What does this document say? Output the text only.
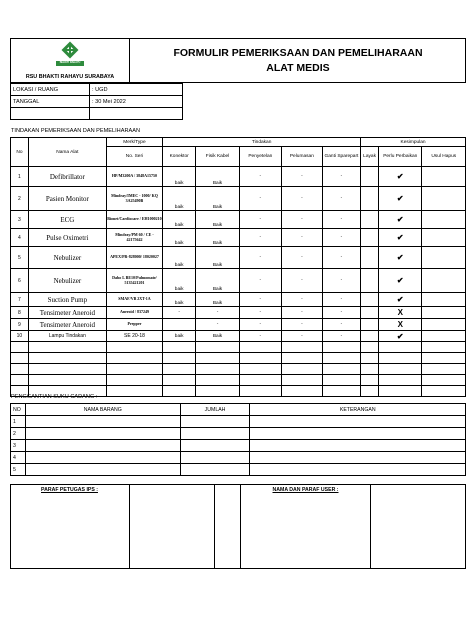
BHAKTI RAHAYU
FORMULIR PEMERIKSAAN DAN PEMELIHARAAN
ALAT MEDIS
RSU BHAKTI RAHAYU SURABAYA
LOKASI / RUANG	: UGD	
TANGGAL	: 30 Mei 2022	

TINDAKAN PEMERIKSAAN DAN PEMELIHARAAN
No	Nama Alat	Merk/Type	Tindakan					Kesimpulan		
		No. Seri	Konektor	Fisik Kabel	Penyetelan	Pelumasan	Ganti Sparepart	Layak	Perlu Perbaikan	Usul Hapus

1	Defibrillator	HP/M3200A / 3848A15750	baik	Baik	-	-	-		✔	
2	Pasien Monitor	Mindray/IMEC - 1000/ KQ 3A25490B	baik	Baik	-	-	-		✔	
3	ECG	Bionet/Cardiocare / EH1000210	baik	Baik	-	-	-		✔	
4	Pulse Oximetri	Mindray/PM 60 / CE - 42175642	baik	Baik	-	-	-		✔	
5	Nebulizer	APEX/PR-828000/ 18020027	baik	Baik	-	-	-		✔	
6	Nebulizer	Dabo L BE10/Pulmomate/ 5135421201	baik	Baik	-	-	-		✔	
7	Suction Pump	SMAF/VB 2XT-1A	baik	Baik	-	-	-		✔	
8	Tensimeter Aneroid	Aneroid / 837249	-	-	-	-	-		X	
9	Tensimeter Aneroid	Prepper		-	-	-	-		X	
10	Lampu Tindakan	SE 20-18	baik	Baik	-	-	-		✔	

PENGGANTIAN SUKU CADANG :
NO	NAMA BARANG	JUMLAH	KETERANGAN
1			
2			
3			
4			
5			
PARAF PETUGAS IPS :	NAMA DAN PARAF USER :
